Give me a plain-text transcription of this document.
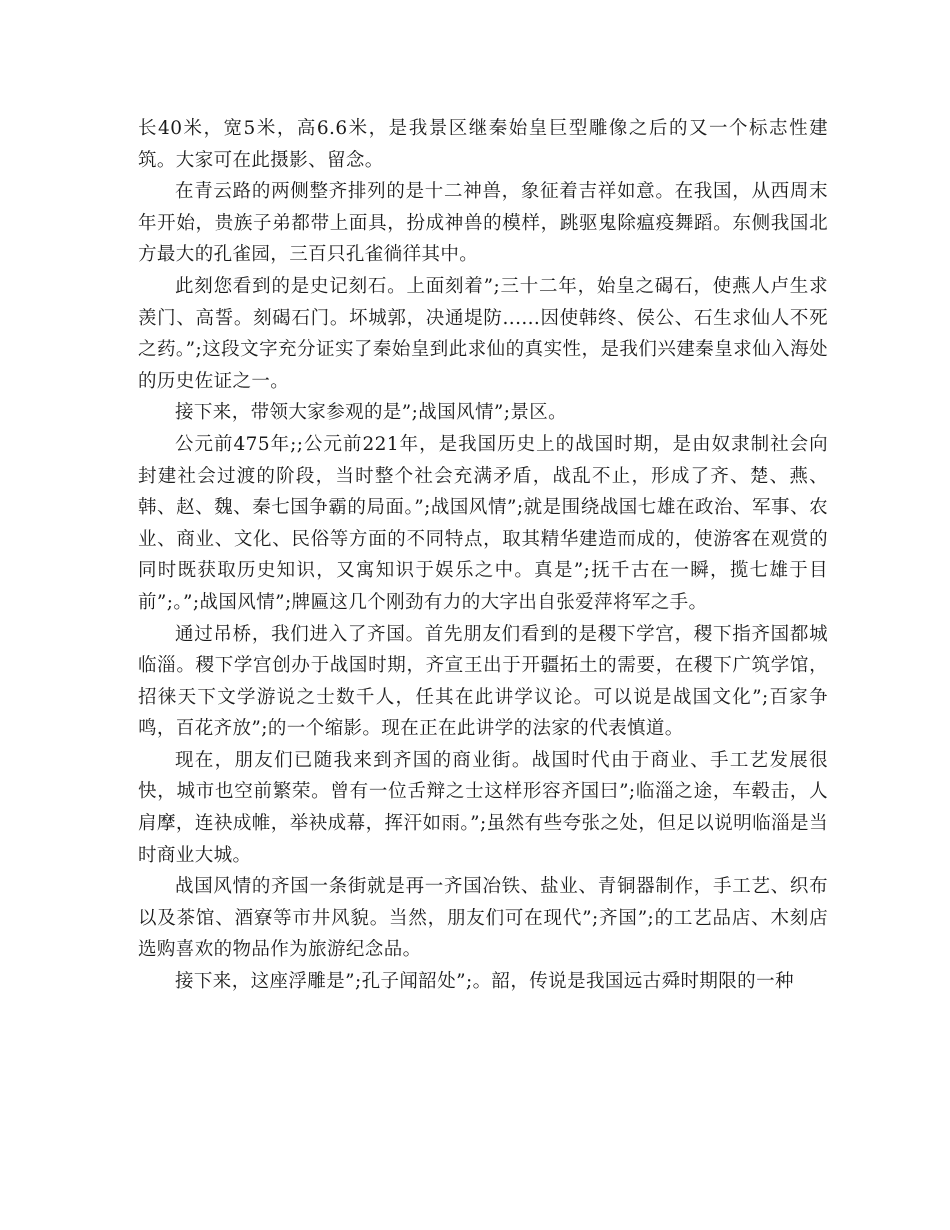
长40米，宽5米，高6.6米，是我景区继秦始皇巨型雕像之后的又一个标志性建筑。大家可在此摄影、留念。

在青云路的两侧整齐排列的是十二神兽，象征着吉祥如意。在我国，从西周末年开始，贵族子弟都带上面具，扮成神兽的模样，跳驱鬼除瘟疫舞蹈。东侧我国北方最大的孔雀园，三百只孔雀徜徉其中。

此刻您看到的是史记刻石。上面刻着”;三十二年，始皇之碣石，使燕人卢生求羡门、高誓。刻碣石门。坏城郭，决通堤防......因使韩终、侯公、石生求仙人不死之药。”;这段文字充分证实了秦始皇到此求仙的真实性，是我们兴建秦皇求仙入海处的历史佐证之一。

接下来，带领大家参观的是”;战国风情”;景区。

公元前475年;;公元前221年，是我国历史上的战国时期，是由奴隶制社会向封建社会过渡的阶段，当时整个社会充满矛盾，战乱不止，形成了齐、楚、燕、韩、赵、魏、秦七国争霸的局面。”;战国风情”;就是围绕战国七雄在政治、军事、农业、商业、文化、民俗等方面的不同特点，取其精华建造而成的，使游客在观赏的同时既获取历史知识，又寓知识于娱乐之中。真是”;抚千古在一瞬，揽七雄于目前”;。”;战国风情”;牌匾这几个刚劲有力的大字出自张爱萍将军之手。

通过吊桥，我们进入了齐国。首先朋友们看到的是稷下学宫，稷下指齐国都城临淄。稷下学宫创办于战国时期，齐宣王出于开疆拓土的需要，在稷下广筑学馆，招徕天下文学游说之士数千人，任其在此讲学议论。可以说是战国文化”;百家争鸣，百花齐放”;的一个缩影。现在正在此讲学的法家的代表慎道。

现在，朋友们已随我来到齐国的商业街。战国时代由于商业、手工艺发展很快，城市也空前繁荣。曾有一位舌辩之士这样形容齐国曰”;临淄之途，车毂击，人肩摩，连袂成帷，举袂成幕，挥汗如雨。”;虽然有些夸张之处，但足以说明临淄是当时商业大城。

战国风情的齐国一条街就是再一齐国冶铁、盐业、青铜器制作，手工艺、织布以及茶馆、酒寮等市井风貌。当然，朋友们可在现代”;齐国”;的工艺品店、木刻店选购喜欢的物品作为旅游纪念品。

接下来，这座浮雕是”;孔子闻韶处”;。韶，传说是我国远古舜时期限的一种
